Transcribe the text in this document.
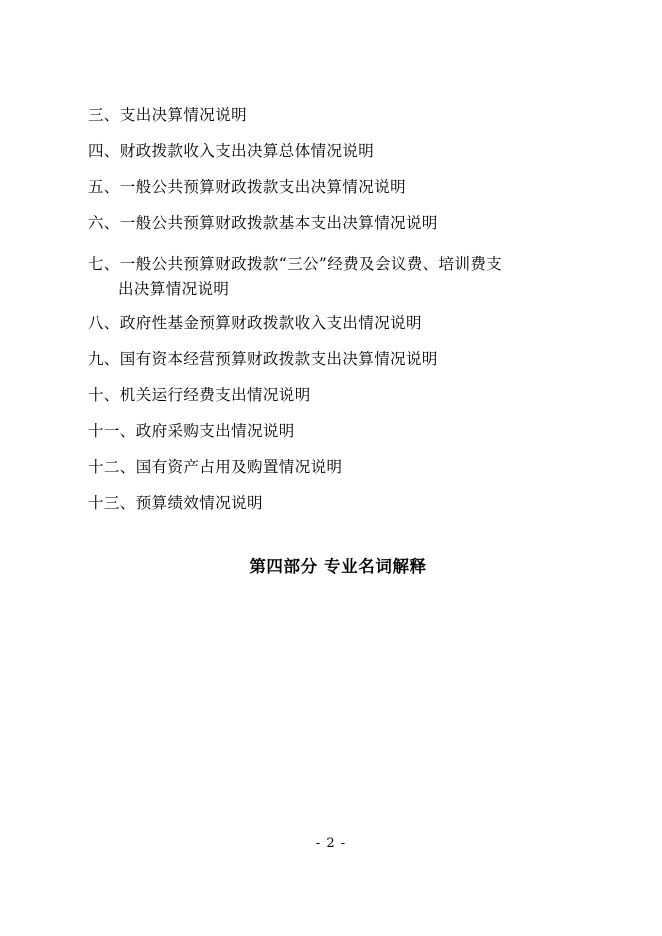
三、支出决算情况说明
四、财政拨款收入支出决算总体情况说明
五、一般公共预算财政拨款支出决算情况说明
六、一般公共预算财政拨款基本支出决算情况说明
七、一般公共预算财政拨款“三公”经费及会议费、培训费支
出决算情况说明
八、政府性基金预算财政拨款收入支出情况说明
九、国有资本经营预算财政拨款支出决算情况说明
十、机关运行经费支出情况说明
十一、政府采购支出情况说明
十二、国有资产占用及购置情况说明
十三、预算绩效情况说明
第四部分 专业名词解释
- 2 -
